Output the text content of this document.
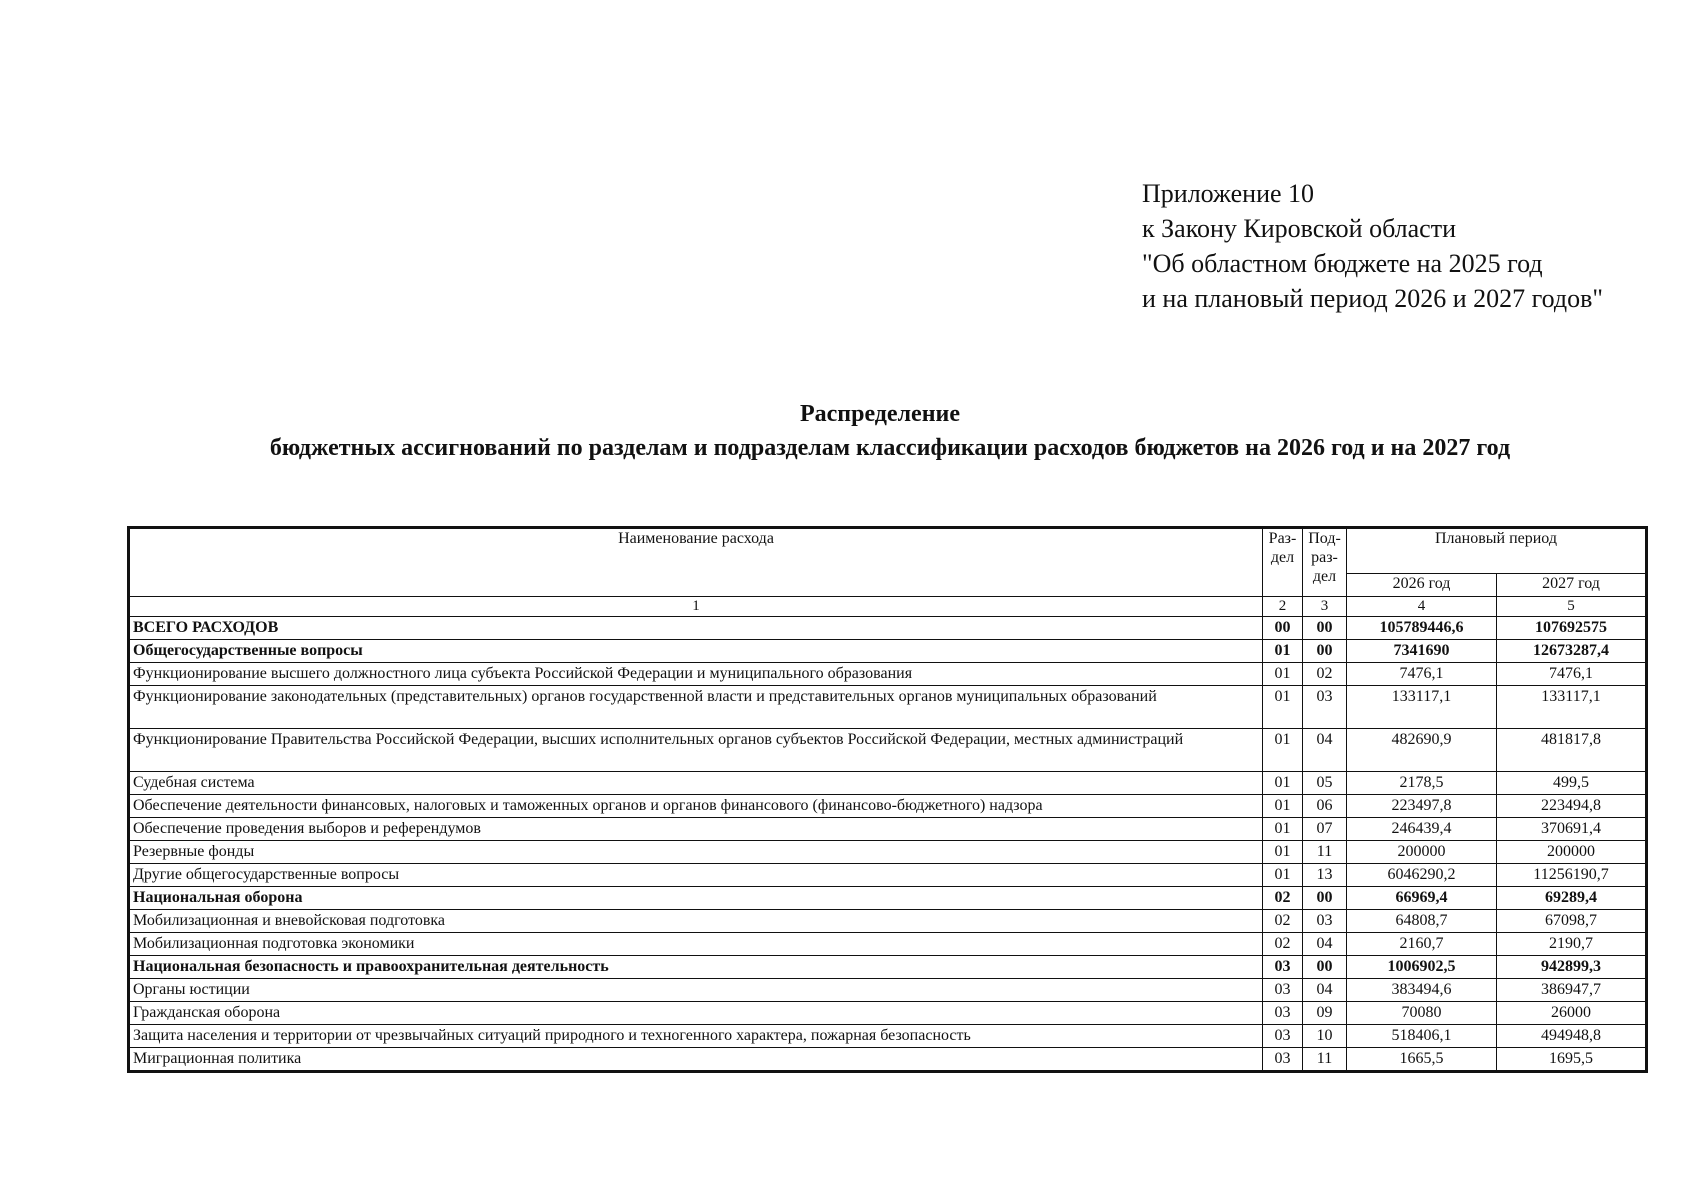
Приложение 10
к Закону Кировской области
"Об областном бюджете на 2025 год
и на плановый период 2026 и 2027 годов"
Распределение
бюджетных ассигнований по разделам и подразделам классификации расходов бюджетов на 2026 год и на 2027 год
Наименование расхода	Раз-дел	Под-раз-дел	Плановый период	
			2026 год	2027 год
1	2	3	4	5
ВСЕГО РАСХОДОВ	00	00	105789446,6	107692575
Общегосударственные вопросы	01	00	7341690	12673287,4
Функционирование высшего должностного лица субъекта Российской Федерации и муниципального образования	01	02	7476,1	7476,1
Функционирование законодательных (представительных) органов государственной власти и представительных органов муниципальных образований	01	03	133117,1	133117,1
Функционирование Правительства Российской Федерации, высших исполнительных органов субъектов Российской Федерации, местных администраций	01	04	482690,9	481817,8
Судебная система	01	05	2178,5	499,5
Обеспечение деятельности финансовых, налоговых и таможенных органов и органов финансового (финансово-бюджетного) надзора	01	06	223497,8	223494,8
Обеспечение проведения выборов и референдумов	01	07	246439,4	370691,4
Резервные фонды	01	11	200000	200000
Другие общегосударственные вопросы	01	13	6046290,2	11256190,7
Национальная оборона	02	00	66969,4	69289,4
Мобилизационная и вневойсковая подготовка	02	03	64808,7	67098,7
Мобилизационная подготовка экономики	02	04	2160,7	2190,7
Национальная безопасность и правоохранительная деятельность	03	00	1006902,5	942899,3
Органы юстиции	03	04	383494,6	386947,7
Гражданская оборона	03	09	70080	26000
Защита населения и территории от чрезвычайных ситуаций природного и техногенного характера, пожарная безопасность	03	10	518406,1	494948,8
Миграционная политика	03	11	1665,5	1695,5
